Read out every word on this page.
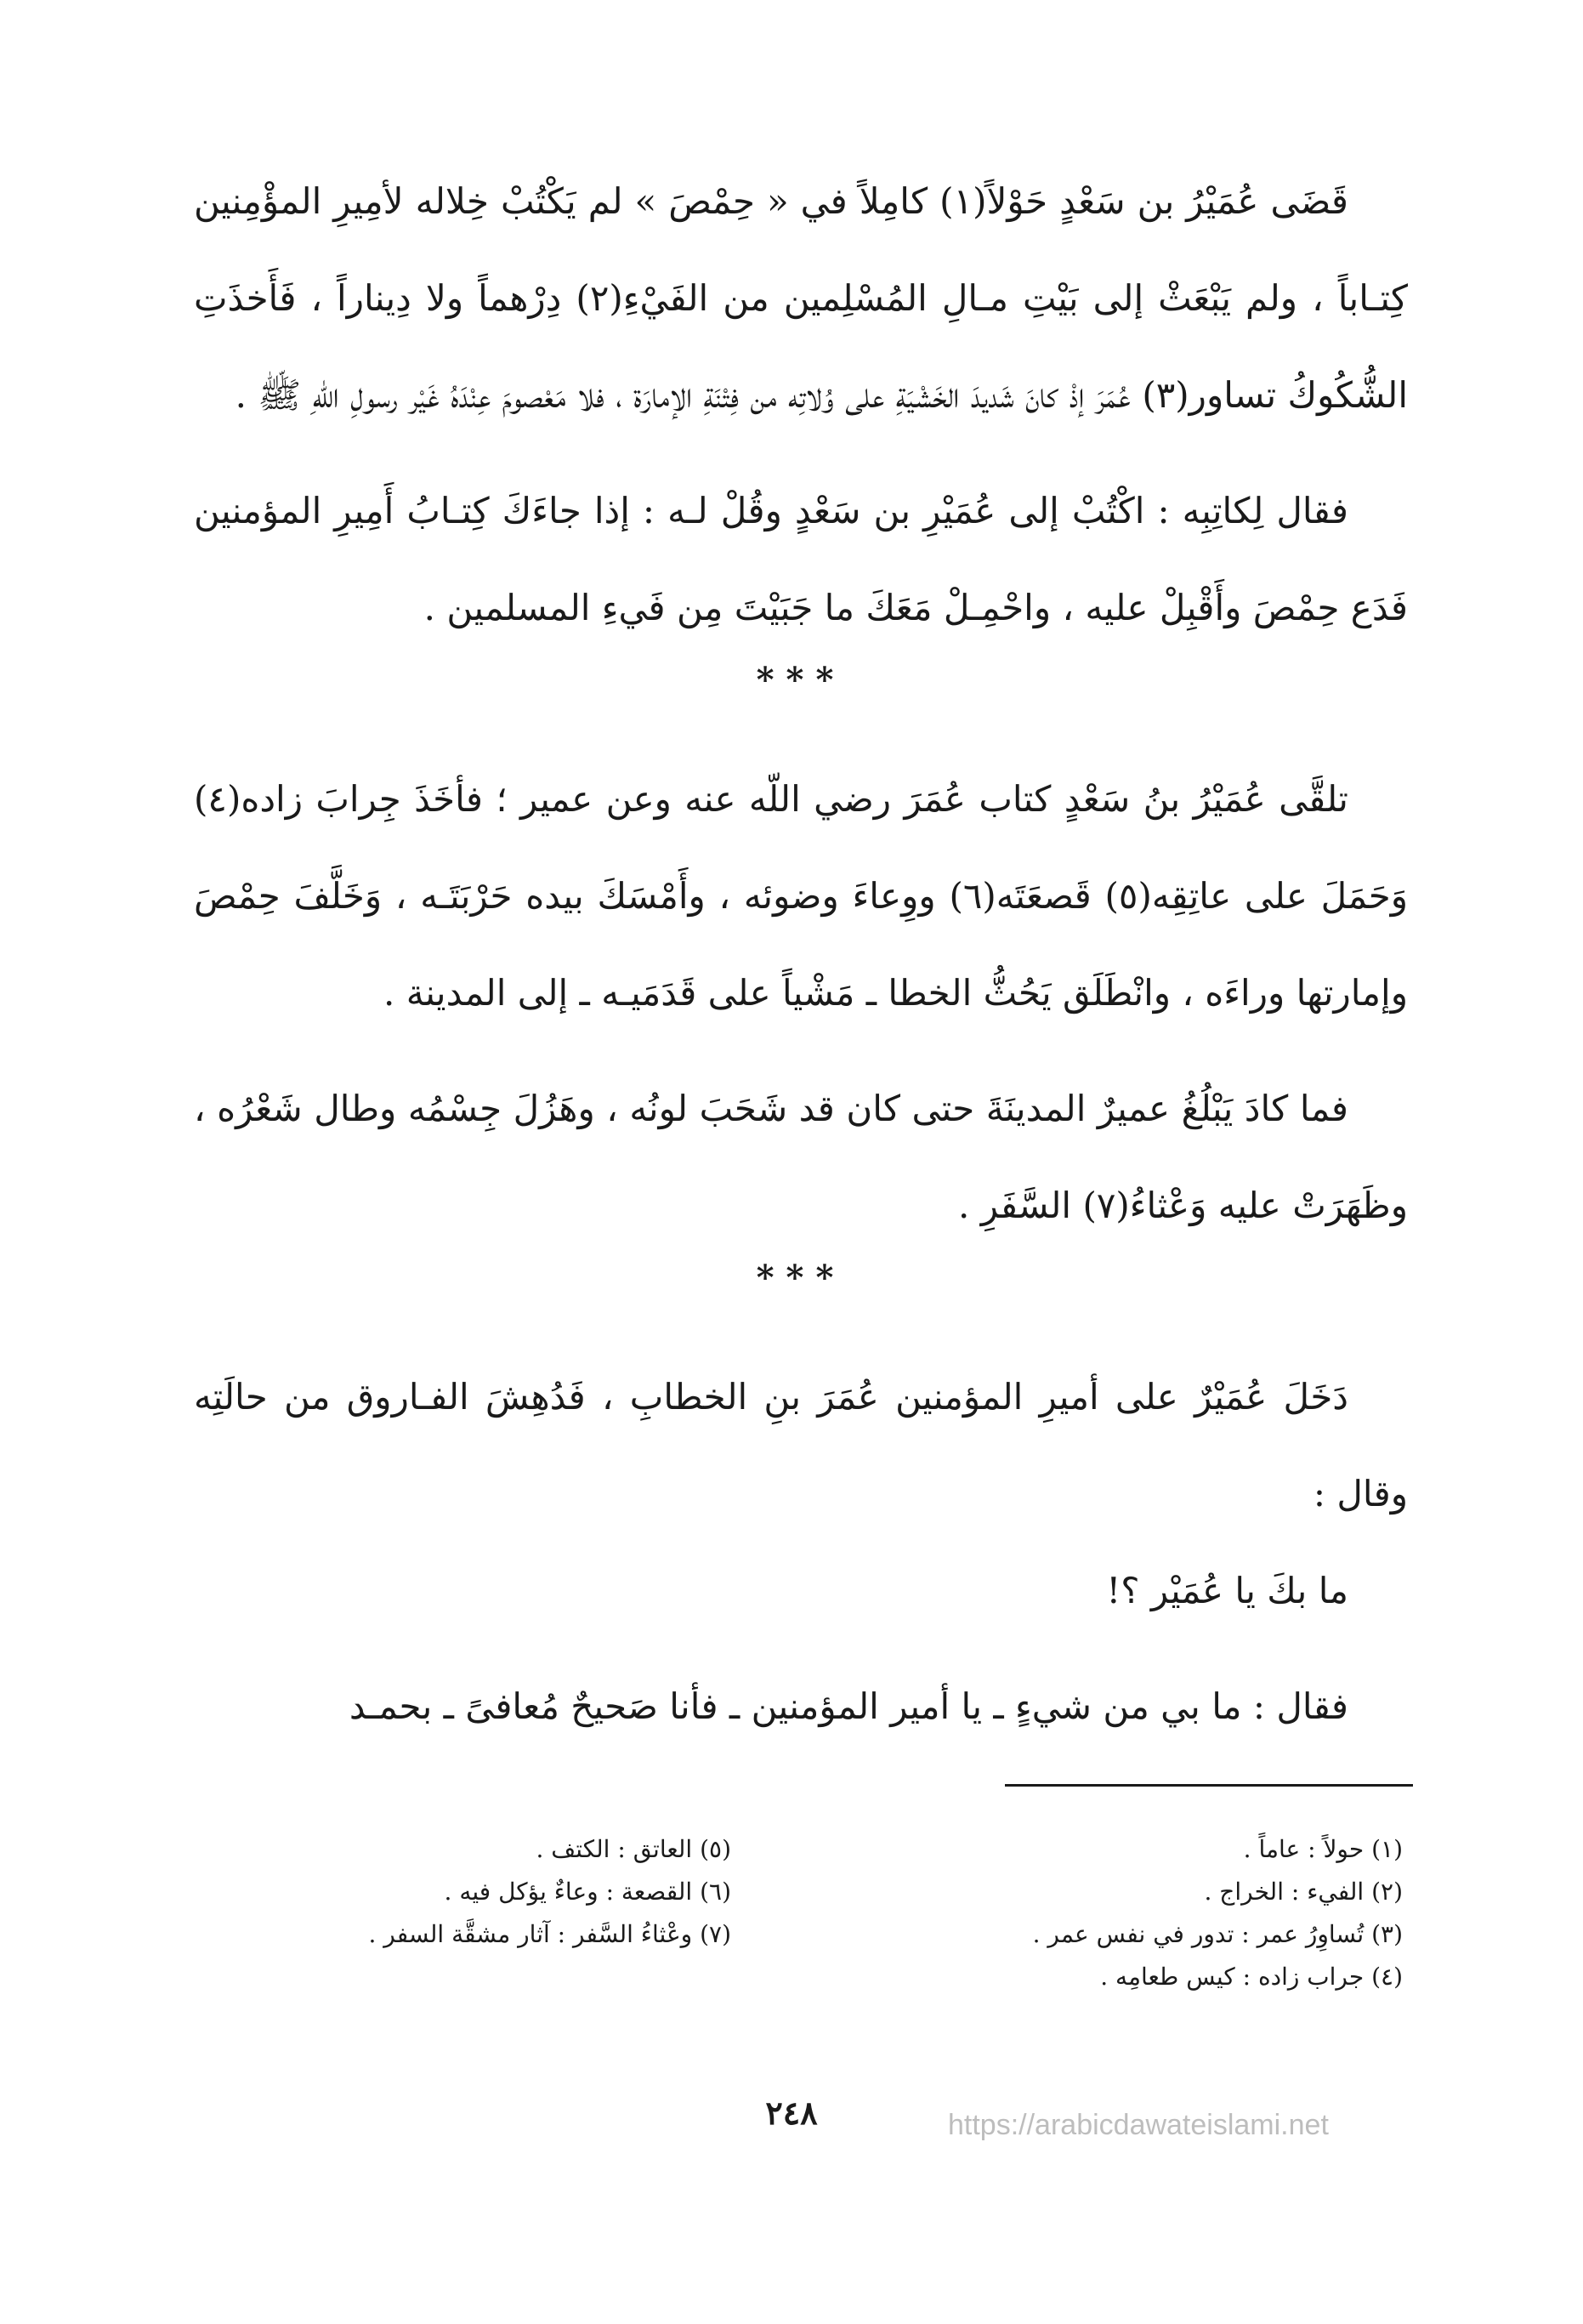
قَضَى عُمَيْرُ بن سَعْدٍ حَوْلاً(١) كامِلاً في « حِمْصَ » لم يَكْتُبْ خِلاله لأمِيرِ المؤْمِنين كِتـاباً ، ولم يَبْعَثْ إلى بَيْتِ مـالِ المُسْلِمين من الفَيْءِ(٢) دِرْهماً ولا دِيناراً ، فَأَخذَتِ الشُّكُوكُ تساور(٣) عُمَرَ إذْ كانَ شَديدَ الخَشْيَةِ على وُلاتِه من فِتْنَةِ الإمارَة ، فلا مَعْصومَ عِنْدَهُ غَيْر رسولِ اللّهِ ﷺ .

فقال لِكاتِبِه : اكْتُبْ إلى عُمَيْرِ بن سَعْدٍ وقُلْ لـه : إذا جاءَكَ كِتـابُ أَمِيرِ المؤمنين فَدَع حِمْصَ وأَقْبِلْ عليه ، واحْمِـلْ مَعَكَ ما جَبَيْتَ مِن فَيءِ المسلمين .

***

تلقَّى عُمَيْرُ بنُ سَعْدٍ كتاب عُمَرَ رضي اللّه عنه وعن عمير ؛ فأخَذَ جِرابَ زاده(٤) وَحَمَلَ على عاتِقِه(٥) قَصعَتَه(٦) ووِعاءَ وضوئه ، وأَمْسَكَ بيده حَرْبَتَـه ، وَخَلَّفَ حِمْصَ وإمارتها وراءَه ، وانْطَلَق يَحُثُّ الخطا ـ مَشْياً على قَدَمَيـه ـ إلى المدينة .

فما كادَ يَبْلُغُ عميرٌ المدينَةَ حتى كان قد شَحَبَ لونُه ، وهَزُلَ جِسْمُه وطال شَعْرُه ، وظَهَرَتْ عليه وَعْثاءُ(٧) السَّفَرِ .

***

دَخَلَ عُمَيْرٌ على أميرِ المؤمنين عُمَرَ بنِ الخطابِ ، فَدُهِشَ الفـاروق من حالَتِه وقال :

ما بكَ يا عُمَيْر ؟!

فقال : ما بي من شيءٍ ـ يا أمير المؤمنين ـ فأنا صَحيحٌ مُعافىً ـ بحمـد

(١) حولاً : عاماً .
(٢) الفيء : الخراج .
(٣) تُساوِرُ عمر : تدور في نفس عمر .
(٤) جراب زاده : كيس طعامِه .
(٥) العاتق : الكتف .
(٦) القصعة : وعاءٌ يؤكل فيه .
(٧) وعْثاءُ السَّفر : آثار مشقَّة السفر .
٢٤٨	https://arabicdawateislami.net
